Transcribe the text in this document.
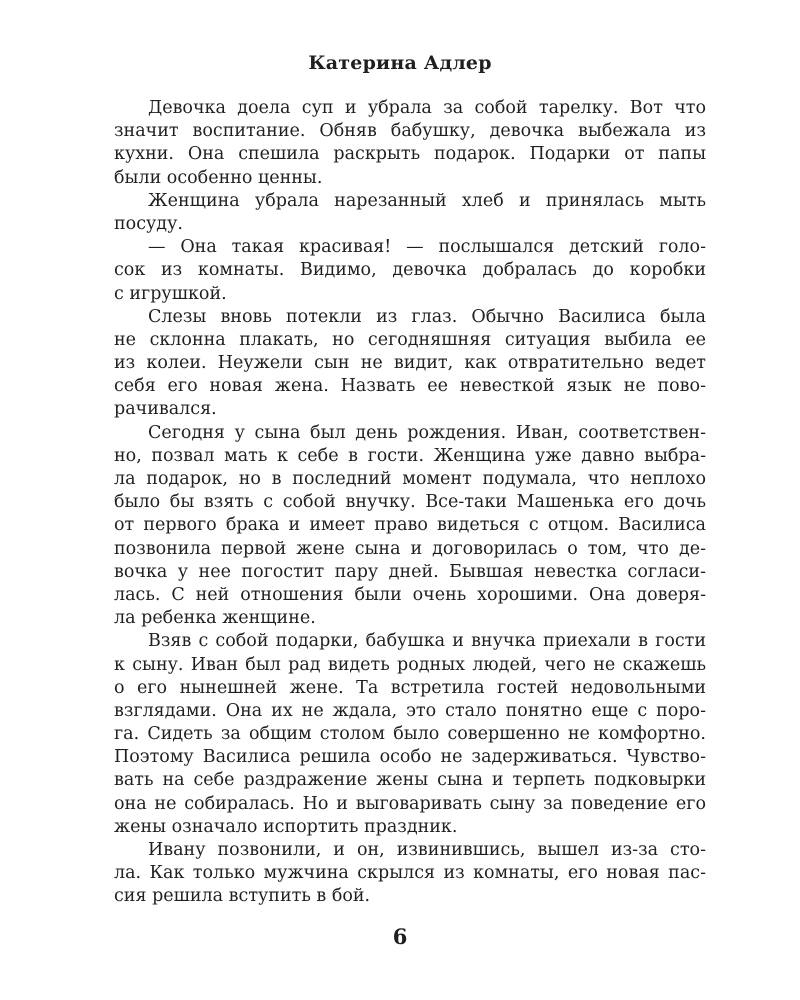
Катерина Адлер
Девочка доела суп и убрала за собой тарелку. Вот что
значит воспитание. Обняв бабушку, девочка выбежала из
кухни. Она спешила раскрыть подарок. Подарки от папы
были особенно ценны.
Женщина убрала нарезанный хлеб и принялась мыть
посуду.
— Она такая красивая! — послышался детский голо-
сок из комнаты. Видимо, девочка добралась до коробки
с игрушкой.
Слезы вновь потекли из глаз. Обычно Василиса была
не склонна плакать, но сегодняшняя ситуация выбила ее
из колеи. Неужели сын не видит, как отвратительно ведет
себя его новая жена. Назвать ее невесткой язык не пово-
рачивался.
Сегодня у сына был день рождения. Иван, соответствен-
но, позвал мать к себе в гости. Женщина уже давно выбра-
ла подарок, но в последний момент подумала, что неплохо
было бы взять с собой внучку. Все-таки Машенька его дочь
от первого брака и имеет право видеться с отцом. Василиса
позвонила первой жене сына и договорилась о том, что де-
вочка у нее погостит пару дней. Бывшая невестка согласи-
лась. С ней отношения были очень хорошими. Она доверя-
ла ребенка женщине.
Взяв с собой подарки, бабушка и внучка приехали в гости
к сыну. Иван был рад видеть родных людей, чего не скажешь
о его нынешней жене. Та встретила гостей недовольными
взглядами. Она их не ждала, это стало понятно еще с поро-
га. Сидеть за общим столом было совершенно не комфортно.
Поэтому Василиса решила особо не задерживаться. Чувство-
вать на себе раздражение жены сына и терпеть подковырки
она не собиралась. Но и выговаривать сыну за поведение его
жены означало испортить праздник.
Ивану позвонили, и он, извинившись, вышел из-за сто-
ла. Как только мужчина скрылся из комнаты, его новая пас-
сия решила вступить в бой.
6
